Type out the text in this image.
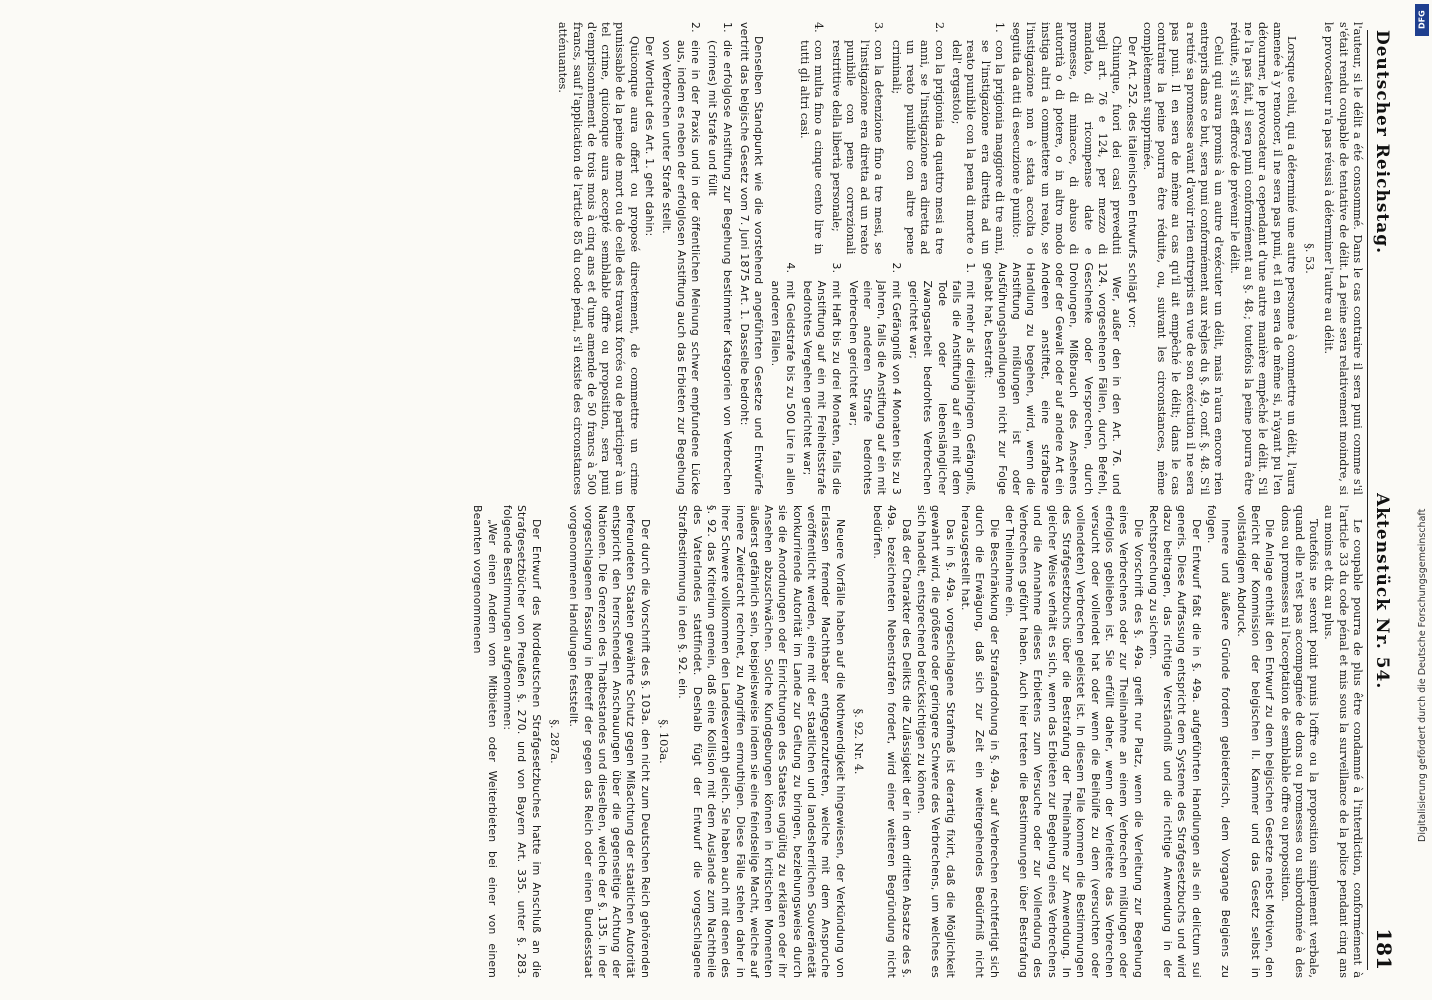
Deutscher Reichstag.
Aktenstück Nr. 54.
181

l'auteur, si le délit a été consommé. Dans le cas contraire il sera puni comme s'il s'était rendu coupable de tentative de délit. La peine sera relativement moindre, si le provocateur n'a pas réussi à déterminer l'autre au délit.

§. 53.

Lorsque celui, qui a déterminé une autre personne à commettre un délit, l'aura amenée à y renoncer, il ne sera pas puni, et il en sera de même si, n'ayant pu l'en détourner, le provocateur a cependant d'une autre manière empêché le délit. S'il ne l'a pas fait, il sera puni conformément au §. 48.; toutefois la peine pourra être réduite, s'il s'est efforcé de prévenir le délit.

Celui qui aura promis à un autre d'exécuter un délit, mais n'aura encore rien entrepris dans ce but, sera puni conformément aux règles du §. 49, conf. §. 48. S'il a retiré sa promesse avant d'avoir rien entrepris en vue de son exécution il ne sera pas puni. Il en sera de même au cas qu'il ait empêché le délit; dans le cas contraire la peine pourra être réduite, ou, suivant les circonstances, même complètement supprimée.

Der Art. 252. des italienischen Entwurfs schlägt vor:

Chiunque, fuori dei casi preveduti negli art. 76 e 124, per mezzo di mandato, di ricompense date e promesse, di minacce, di abuso di autorità o di potere, o in altro modo instiga altri a commettere un reato, se l'instigazione non è stata accolta o seguita da atti di esecuzione è punito:

1.
con la prigionia maggiore di tre anni, se l'instigazione era diretta ad un reato punibile con la pena di morte o dell' ergastolo;
2.
con la prigionia da quattro mesi a tre anni, se l'instigazione era diretta ad un reato punibile con altre pene criminali;
3.
con la detenzione fino a tre mesi, se l'instigazione era diretta ad un reato punibile con pene correzionali restrittive della libertà personale;
4.
con multa fino a cinque cento lire in tutti gli altri casi.

Wer, außer den in den Art. 76. und 124. vorgesehenen Fällen, durch Befehl, Geschenke oder Versprechen, durch Drohungen, Mißbrauch des Ansehens oder der Gewalt oder auf andere Art ein Anderen anstiftet, eine strafbare Handlung zu begehen, wird, wenn die Anstiftung mißlungen ist oder Ausführungshandlungen nicht zur Folge gehabt hat, bestraft:

1.
mit mehr als dreijährigem Gefängniß, falls die Anstiftung auf ein mit dem Tode oder lebenslänglicher Zwangsarbeit bedrohtes Verbrechen gerichtet war;
2.
mit Gefängniß von 4 Monaten bis zu 3 Jahren, falls die Anstiftung auf ein mit einer anderen Strafe bedrohtes Verbrechen gerichtet war;
3.
mit Haft bis zu drei Monaten, falls die Anstiftung auf ein mit Freiheitsstrafe bedrohtes Vergehen gerichtet war;
4.
mit Geldstrafe bis zu 500 Lire in allen anderen Fällen.

Denselben Standpunkt wie die vorstehend angeführten Gesetze und Entwürfe vertritt das belgische Gesetz vom 7. Juni 1875 Art. 1. Dasselbe bedroht:

1.
die erfolglose Anstiftung zur Begehung bestimmter Kategorien von Verbrechen (crimes) mit Strafe und füllt
2.
eine in der Praxis und in der öffentlichen Meinung schwer empfundene Lücke aus, indem es neben der erfolglosen Anstiftung auch das Erbieten zur Begehung von Verbrechen unter Strafe stellt.

Der Wortlaut des Art. 1. geht dahin:

Quiconque aura offert ou proposé directement, de commettre un crime punissable de la peine de mort ou de celle des travaux forcés ou de participer à un tel crime, quiconque aura accepté semblable offre ou proposition, sera puni d'emprisonnement de trois mois à cinq ans et d'une amende de 50 francs à 500 francs, sauf l'application de l'article 85 du code pénal, s'il existe des circonstances atténuantes.

Le coupable pourra de plus être condamné à l'interdiction, conformément à l'article 33 du code pénal et mis sous la surveillance de la police pendant cinq ans au moins et dix au plus.

Toutefois ne seront point punis l'offre ou la proposition simplement verbale, quand elle n'est pas accompagnée de dons ou promesses ou subordonnée à des dons ou promesses ni l'acceptation de semblable offre ou proposition.

Die Anlage enthält den Entwurf zu dem belgischen Gesetze nebst Motiven, den Bericht der Kommission der belgischen II. Kammer und das Gesetz selbst in vollständigem Abdruck.

Innere und äußere Gründe fordern gebieterisch, dem Vorgange Belgiens zu folgen.

Der Entwurf faßt die in §. 49a. aufgeführten Handlungen als ein delictum sui generis. Diese Auffassung entspricht dem Systeme des Strafgesetzbuchs und wird dazu beitragen, das richtige Verständniß und die richtige Anwendung in der Rechtsprechung zu sichern.

Die Vorschrift des §. 49a. greift nur Platz, wenn die Verleitung zur Begehung eines Verbrechens oder zur Theilnahme an einem Verbrechen mißlungen oder erfolglos geblieben ist. Sie erfüllt daher, wenn der Verleitete das Verbrechen versucht oder vollendet hat oder wenn die Beihülfe zu dem (versuchten oder vollendeten) Verbrechen geleistet ist. In diesem Falle kommen die Bestimmungen des Strafgesetzbuchs über die Bestrafung der Theilnahme zur Anwendung. In gleicher Weise verhält es sich, wenn das Erbieten zur Begehung eines Verbrechens und die Annahme dieses Erbietens zum Versuche oder zur Vollendung des Verbrechens geführt haben. Auch hier treten die Bestimmungen über Bestrafung der Theilnahme ein.

Die Beschränkung der Strafandrohung in §. 49a. auf Verbrechen rechtfertigt sich durch die Erwägung, daß sich zur Zeit ein weitergehendes Bedürfniß nicht herausgestellt hat.

Das in §. 49a. vorgeschlagene Strafmaß ist derartig fixirt, daß die Möglichkeit gewahrt wird, die größere oder geringere Schwere des Verbrechens, um welches es sich handelt, entsprechend berücksichtigen zu können.

Daß der Charakter des Delikts die Zulässigkeit der in dem dritten Absatze des §. 49a. bezeichneten Nebenstrafen fordert, wird einer weiteren Begründung nicht bedürfen.

§. 92. Nr. 4.

Neuere Vorfälle haben auf die Nothwendigkeit hingewiesen, der Verkündung von Erlassen fremder Machthaber entgegenzutreten, welche mit dem Anspruche veröffentlicht werden, eine mit der staatlichen und landesherrlichen Souveränetät konkurrirende Autorität im Lande zur Geltung zu bringen, beziehungsweise durch sie die Anordnungen oder Einrichtungen des Staates ungültig zu erklären oder ihr Ansehen abzuschwächen. Solche Kundgebungen können in kritischen Momenten äußerst gefährlich sein, beispielsweise indem sie eine feindselige Macht, welche auf innere Zwietracht rechnet, zu Angriffen ermuthigen. Diese Fälle stehen daher in ihrer Schwere vollkommen den Landesverrath gleich. Sie haben auch mit denen des §. 92. das Kriterium gemein, daß eine Kollision mit dem Auslande zum Nachtheile des Vaterlandes stattfindet. Deshalb fügt der Entwurf die vorgeschlagene Strafbestimmung in den §. 92. ein.

§. 103a.

Der durch die Vorschrift des §. 103a. den nicht zum Deutschen Reich gehörenden befreundeten Staaten gewährte Schutz gegen Mißachtung der staatlichen Autorität entspricht den herrschenden Anschauungen über die gegenseitige Achtung der Nationen. Die Grenzen des Thatbestandes und dieselben, welche der §. 135. in der vorgeschlagenen Fassung in Betreff der gegen das Reich oder einen Bundesstaat vorgenommenen Handlungen feststellt.

§. 287a.

Der Entwurf des Norddeutschen Strafgesetzbuches hatte im Anschluß an die Strafgesetzbücher von Preußen §. 270. und von Bayern Art. 335. unter §. 283. folgende Bestimmungen aufgenommen:

„Wer einen Andern vom Mitbieten oder Weiterbieten bei einer von einem Beamten vorgenommenen

DFG
Digitalisierung gefördert durch die Deutsche Forschungsgemeinschaft
